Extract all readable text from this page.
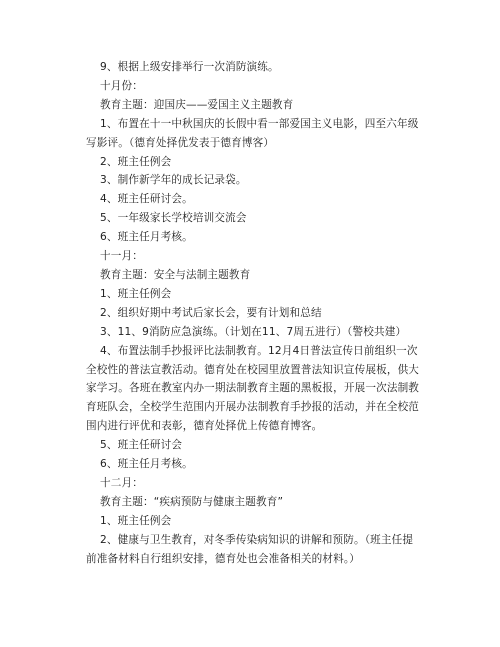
9、根据上级安排举行一次消防演练。

十月份：

教育主题：迎国庆——爱国主义主题教育

1、布置在十一中秋国庆的长假中看一部爱国主义电影，四至六年级写影评。（德育处择优发表于德育博客）

2、班主任例会

3、制作新学年的成长记录袋。

4、班主任研讨会。

5、一年级家长学校培训交流会

6、班主任月考核。

十一月：

教育主题：安全与法制主题教育

1、班主任例会

2、组织好期中考试后家长会，要有计划和总结

3、11、9消防应急演练。（计划在11、7周五进行）（警校共建）

4、布置法制手抄报评比法制教育。12月4日普法宣传日前组织一次全校性的普法宣教活动。德育处在校园里放置普法知识宣传展板，供大家学习。各班在教室内办一期法制教育主题的黑板报，开展一次法制教育班队会，全校学生范围内开展办法制教育手抄报的活动，并在全校范围内进行评优和表彰，德育处择优上传德育博客。

5、班主任研讨会

6、班主任月考核。

十二月：

教育主题：“疾病预防与健康主题教育”

1、班主任例会

2、健康与卫生教育，对冬季传染病知识的讲解和预防。（班主任提前准备材料自行组织安排，德育处也会准备相关的材料。）
